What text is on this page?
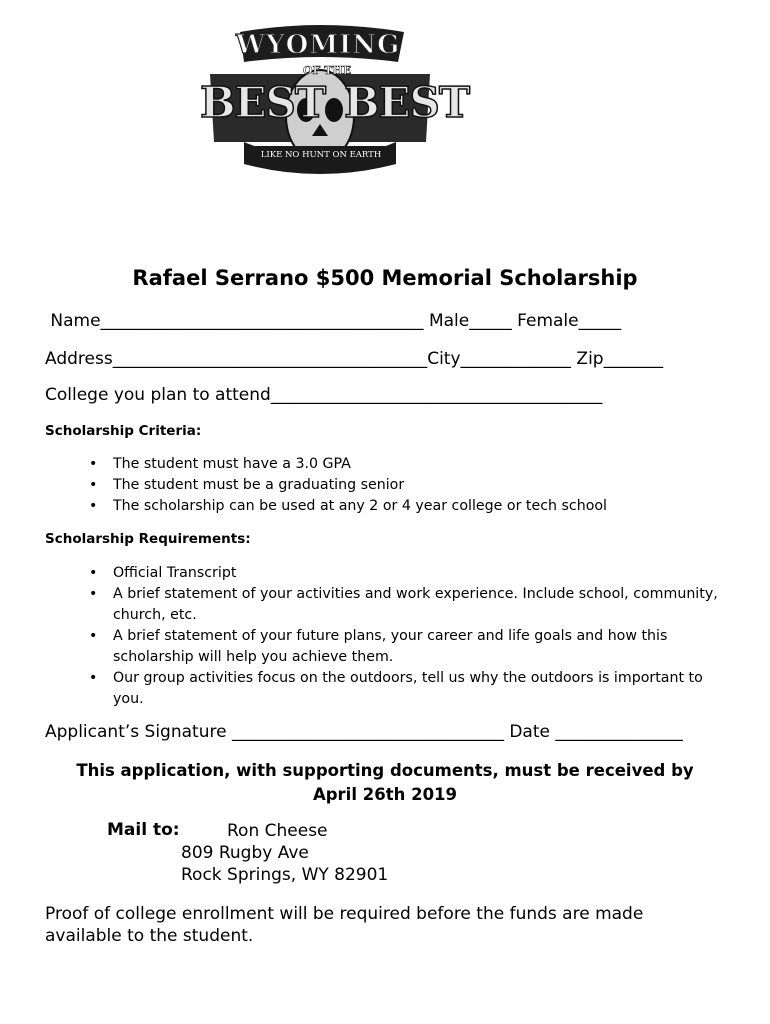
WYOMING
BEST
OF THE
BEST
LIKE NO HUNT ON EARTH
Rafael Serrano $500 Memorial Scholarship
Name______________________________________ Male_____ Female_____
Address_____________________________________City_____________ Zip_______
College you plan to attend_______________________________________
Scholarship Criteria:
• The student must have a 3.0 GPA
• The student must be a graduating senior
• The scholarship can be used at any 2 or 4 year college or tech school
Scholarship Requirements:
• Official Transcript
• A brief statement of your activities and work experience. Include school, community, church, etc.
• A brief statement of your future plans, your career and life goals and how this scholarship will help you achieve them.
• Our group activities focus on the outdoors, tell us why the outdoors is important to you.
Applicant’s Signature ________________________________ Date _______________
This application, with supporting documents, must be received by
April 26th 2019
Mail to:	Ron Cheese
809 Rugby Ave
Rock Springs, WY 82901
Proof of college enrollment will be required before the funds are made available to the student.
